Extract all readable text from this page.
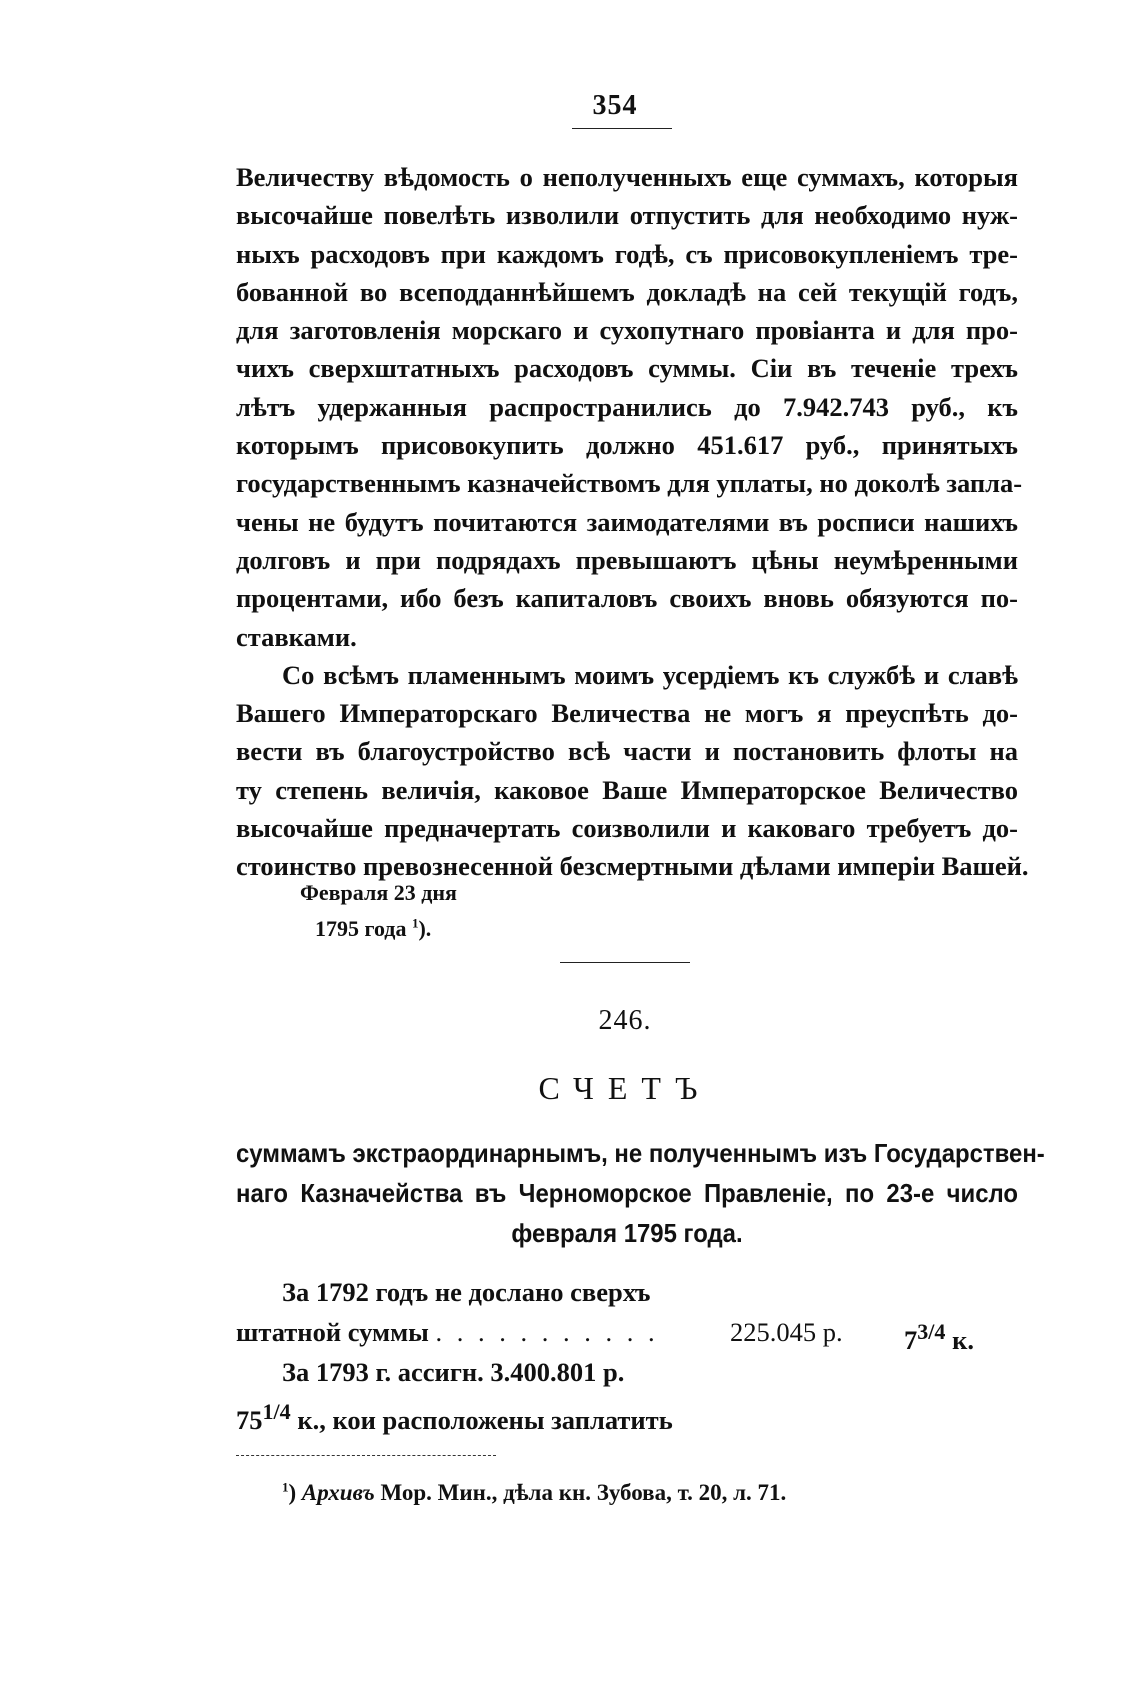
354
Величеству вѣдомость о неполученныхъ еще суммахъ, которыя
высочайше повелѣть изволили отпустить для необходимо нуж-
ныхъ расходовъ при каждомъ годѣ, съ присовокупленіемъ тре-
бованной во всеподданнѣйшемъ докладѣ на сей текущій годъ,
для заготовленія морскаго и сухопутнаго провіанта и для про-
чихъ сверхштатныхъ расходовъ суммы. Сіи въ теченіе трехъ
лѣтъ удержанныя распространились до 7.942.743 руб., къ
которымъ присовокупить должно 451.617 руб., принятыхъ
государственнымъ казначействомъ для уплаты, но доколѣ запла-
чены не будутъ почитаются заимодателями въ росписи нашихъ
долговъ и при подрядахъ превышаютъ цѣны неумѣренными
процентами, ибо безъ капиталовъ своихъ вновь обязуются по-
ставками.
Со всѣмъ пламеннымъ моимъ усердіемъ къ службѣ и славѣ
Вашего Императорскаго Величества не могъ я преуспѣть до-
вести въ благоустройство всѣ части и постановить флоты на
ту степень величія, каковое Ваше Императорское Величество
высочайше предначертать соизволили и каковаго требуетъ до-
стоинство превознесенной безсмертными дѣлами имперіи Вашей.
Февраля 23 дня
1795 года $^1$).
246.
СЧЕТЪ
суммамъ экстраординарнымъ, не полученнымъ изъ Государствен-
наго Казначейства въ Черноморское Правленіе, по 23-е число
февраля 1795 года.
За 1792 годъ не дослано сверхъ
штатной суммы . . . . . . . . . . .	225.045 р. $7^{3/4}$ к.
За 1793 г. ассигн. 3.400.801 р.
$75^{1/4}$ к., кои расположены заплатить
$^1$) Архивъ Мор. Мин., дѣла кн. Зубова, т. 20, л. 71.
